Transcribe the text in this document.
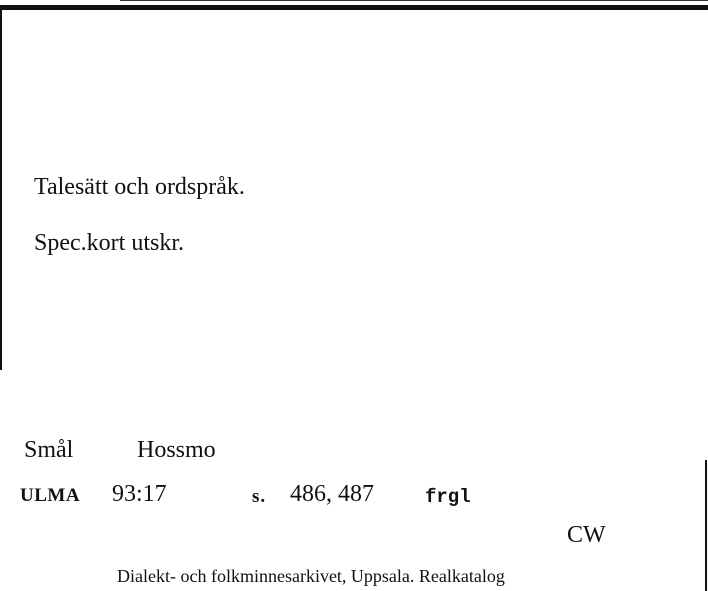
Talesätt och ordspråk.
Spec.kort utskr.
Smål	Hossmo
ULMA 93:17	s. 486, 487	frgl
CW
Dialekt- och folkminnesarkivet, Uppsala. Realkatalog
